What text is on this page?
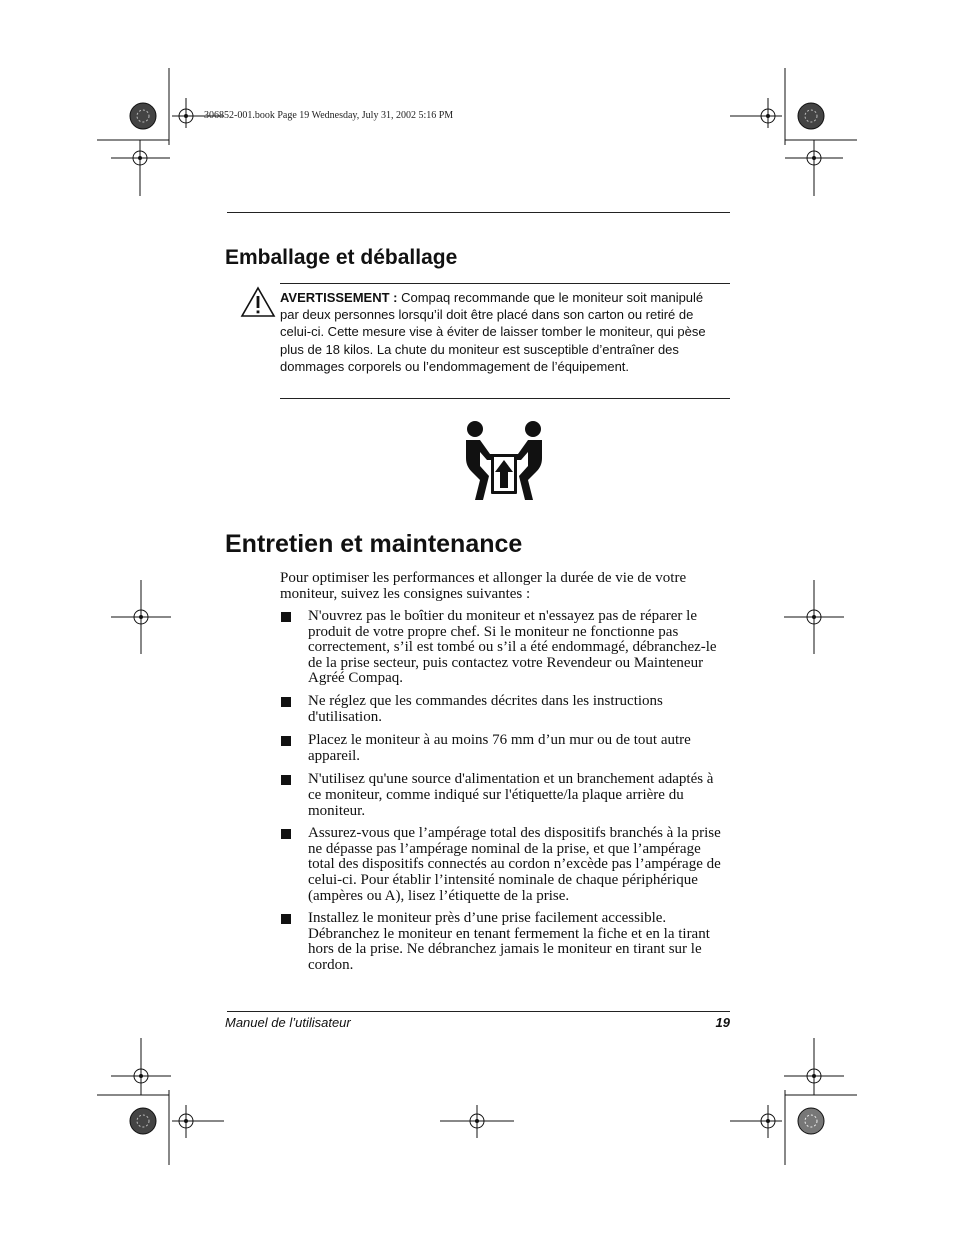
306852-001.book Page 19 Wednesday, July 31, 2002 5:16 PM
Emballage et déballage
AVERTISSEMENT : Compaq recommande que le moniteur soit manipulé par deux personnes lorsqu’il doit être placé dans son carton ou retiré de celui-ci. Cette mesure vise à éviter de laisser tomber le moniteur, qui pèse plus de 18 kilos. La chute du moniteur est susceptible d’entraîner des dommages corporels ou l’endommagement de l’équipement.
Entretien et maintenance
Pour optimiser les performances et allonger la durée de vie de votre moniteur, suivez les consignes suivantes :
N'ouvrez pas le boîtier du moniteur et n'essayez pas de réparer le produit de votre propre chef. Si le moniteur ne fonctionne pas correctement, s’il est tombé ou s’il a été endommagé, débranchez-le de la prise secteur, puis contactez votre Revendeur ou Mainteneur Agréé Compaq.
Ne réglez que les commandes décrites dans les instructions d'utilisation.
Placez le moniteur à au moins 76 mm d’un mur ou de tout autre appareil.
N'utilisez qu'une source d'alimentation et un branchement adaptés à ce moniteur, comme indiqué sur l'étiquette/la plaque arrière du moniteur.
Assurez-vous que l’ampérage total des dispositifs branchés à la prise ne dépasse pas l’ampérage nominal de la prise, et que l’ampérage total des dispositifs connectés au cordon n’excède pas l’ampérage de celui-ci. Pour établir l’intensité nominale de chaque périphérique (ampères ou A), lisez l’étiquette de la prise.
Installez le moniteur près d’une prise facilement accessible. Débranchez le moniteur en tenant fermement la fiche et en la tirant hors de la prise. Ne débranchez jamais le moniteur en tirant sur le cordon.
Manuel de l’utilisateur	19
